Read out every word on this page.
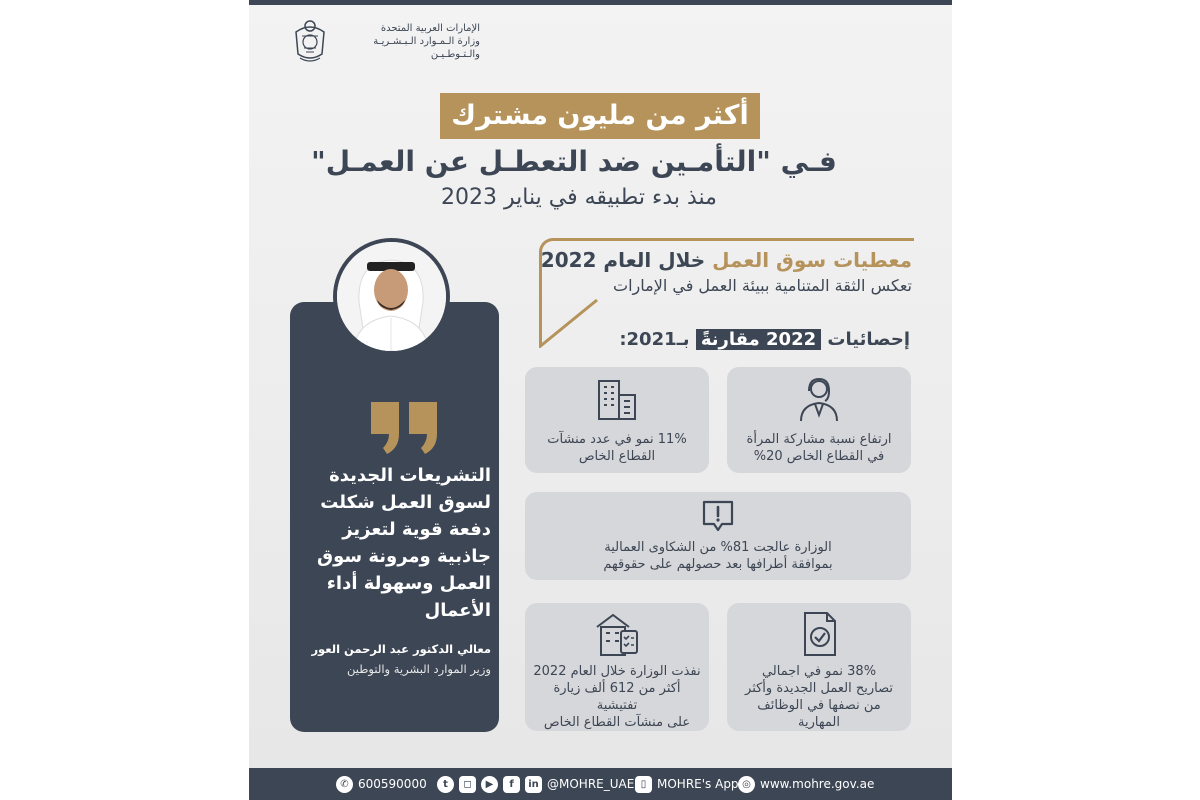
الإمارات العربية المتحدة
وزارة الـمـوارد الـبـشـريـة
والـتـوطـيـن
أكثر من مليون مشترك
فـي "التأمـين ضد التعطـل عن العمـل"
منذ بدء تطبيقه في يناير 2023
معطيات سوق العمل خلال العام 2022
تعكس الثقة المتنامية ببيئة العمل في الإمارات
إحصائيات 2022 مقارنةً بـ2021:
ارتفاع نسبة مشاركة المرأة
في القطاع الخاص 20%
11% نمو في عدد منشآت
القطاع الخاص
الوزارة عالجت 81% من الشكاوى العمالية
بموافقة أطرافها بعد حصولهم على حقوقهم
38% نمو في اجمالي
تصاريح العمل الجديدة وأكثر
من نصفها في الوظائف
المهارية
نفذت الوزارة خلال العام 2022
أكثر من 612 ألف زيارة تفتيشية
على منشآت القطاع الخاص
التشريعات الجديدة لسوق العمل شكلت دفعة قوية لتعزيز جاذبية ومرونة سوق العمل وسهولة أداء الأعمال
معالي الدكتور عبد الرحمن العور
وزير الموارد البشرية والتوطين
◎ www.mohre.gov.ae
▯ MOHRE's App
t	◻	▶	f	in @MOHRE_UAE
✆ 600590000
